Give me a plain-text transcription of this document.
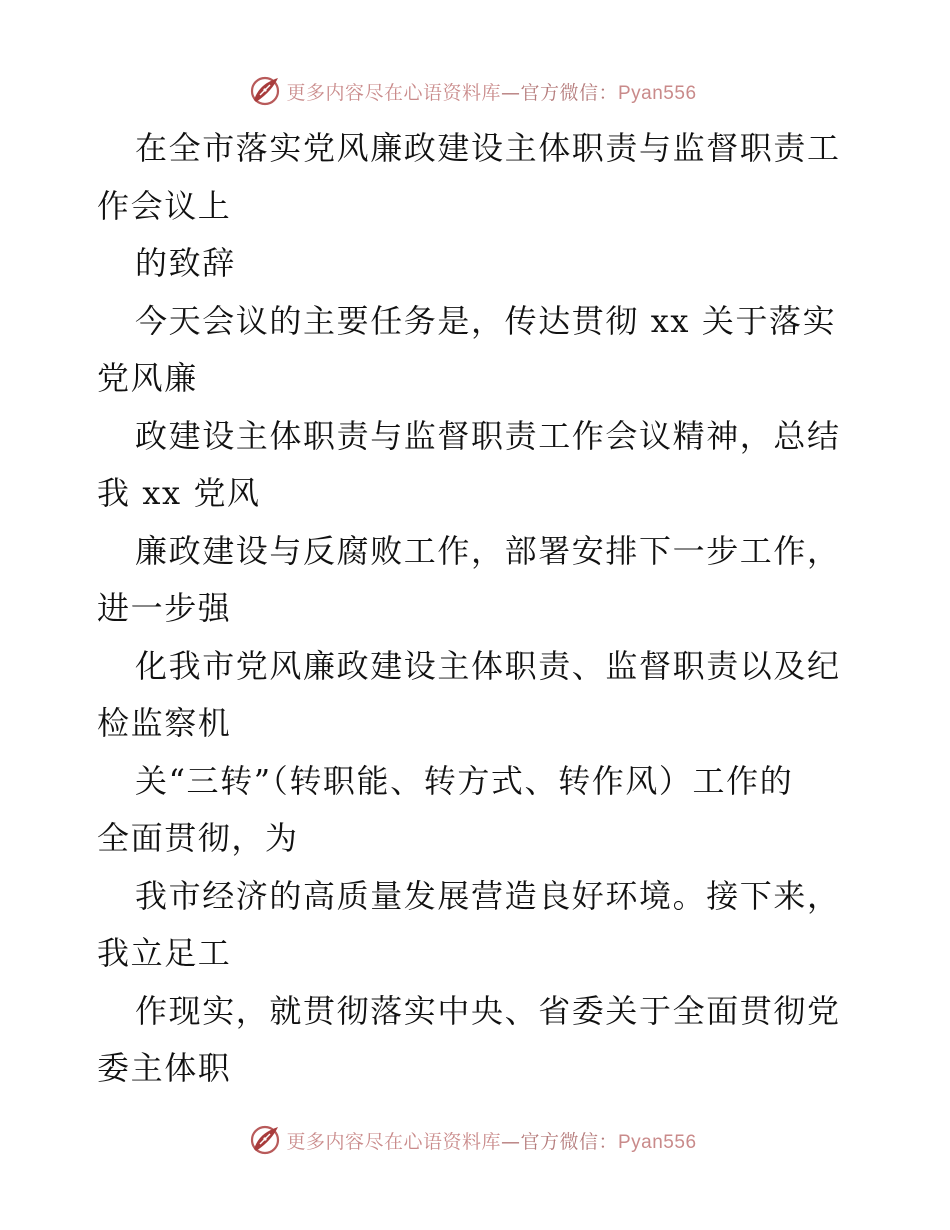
更多内容尽在心语资料库—官方微信：Pyan556

在全市落实党风廉政建设主体职责与监督职责工
作会议上
的致辞
今天会议的主要任务是，传达贯彻 xx 关于落实
党风廉
政建设主体职责与监督职责工作会议精神，总结
我 xx 党风
廉政建设与反腐败工作，部署安排下一步工作，
进一步强
化我市党风廉政建设主体职责、监督职责以及纪
检监察机
关“三转”（转职能、转方式、转作风）工作的
全面贯彻，为
我市经济的高质量发展营造良好环境。接下来，
我立足工
作现实，就贯彻落实中央、省委关于全面贯彻党
委主体职

更多内容尽在心语资料库—官方微信：Pyan556
